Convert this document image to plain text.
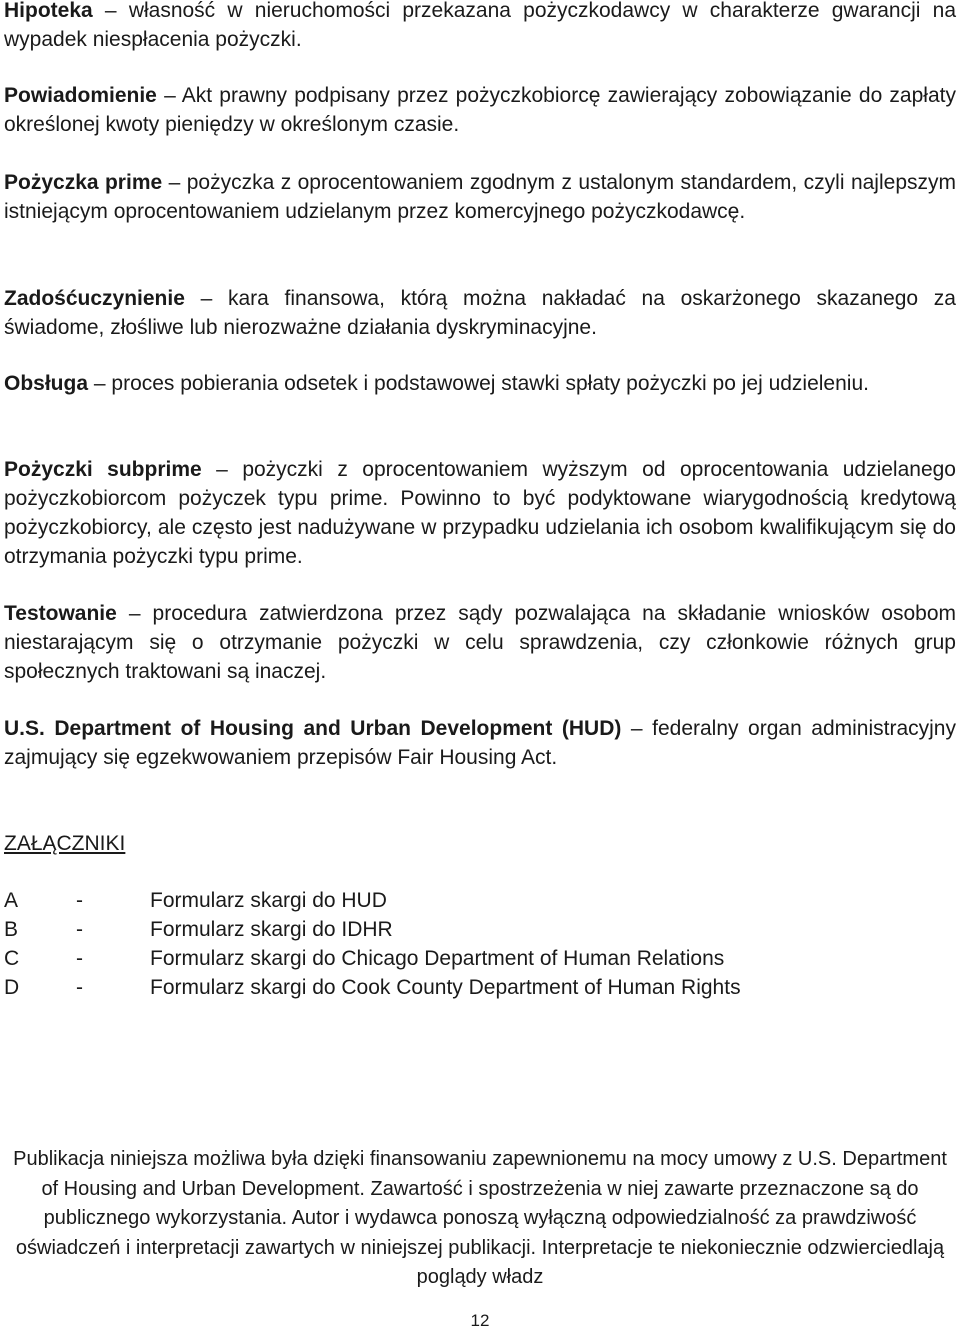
Hipoteka – własność w nieruchomości przekazana pożyczkodawcy w charakterze gwarancji na wypadek niespłacenia pożyczki.

Powiadomienie – Akt prawny podpisany przez pożyczkobiorcę zawierający zobowiązanie do zapłaty określonej kwoty pieniędzy w określonym czasie.

Pożyczka prime – pożyczka z oprocentowaniem zgodnym z ustalonym standardem, czyli najlepszym istniejącym oprocentowaniem udzielanym przez komercyjnego pożyczkodawcę.

Zadośćuczynienie – kara finansowa, którą można nakładać na oskarżonego skazanego za świadome, złośliwe lub nierozważne działania dyskryminacyjne.

Obsługa – proces pobierania odsetek i podstawowej stawki spłaty pożyczki po jej udzieleniu.

Pożyczki subprime – pożyczki z oprocentowaniem wyższym od oprocentowania udzielanego pożyczkobiorcom pożyczek typu prime. Powinno to być podyktowane wiarygodnością kredytową pożyczkobiorcy, ale często jest nadużywane w przypadku udzielania ich osobom kwalifikującym się do otrzymania pożyczki typu prime.

Testowanie – procedura zatwierdzona przez sądy pozwalająca na składanie wniosków osobom niestarającym się o otrzymanie pożyczki w celu sprawdzenia, czy członkowie różnych grup społecznych traktowani są inaczej.

U.S. Department of Housing and Urban Development (HUD) – federalny organ administracyjny zajmujący się egzekwowaniem przepisów Fair Housing Act.

ZAŁĄCZNIKI
A	-	Formularz skargi do HUD
B	-	Formularz skargi do IDHR
C	-	Formularz skargi do Chicago Department of Human Relations
D	-	Formularz skargi do Cook County Department of Human Rights
Publikacja niniejsza możliwa była dzięki finansowaniu zapewnionemu na mocy umowy z U.S. Department of Housing and Urban Development. Zawartość i spostrzeżenia w niej zawarte przeznaczone są do publicznego wykorzystania. Autor i wydawca ponoszą wyłączną odpowiedzialność za prawdziwość oświadczeń i interpretacji zawartych w niniejszej publikacji. Interpretacje te niekoniecznie odzwierciedlają poglądy władz
12
